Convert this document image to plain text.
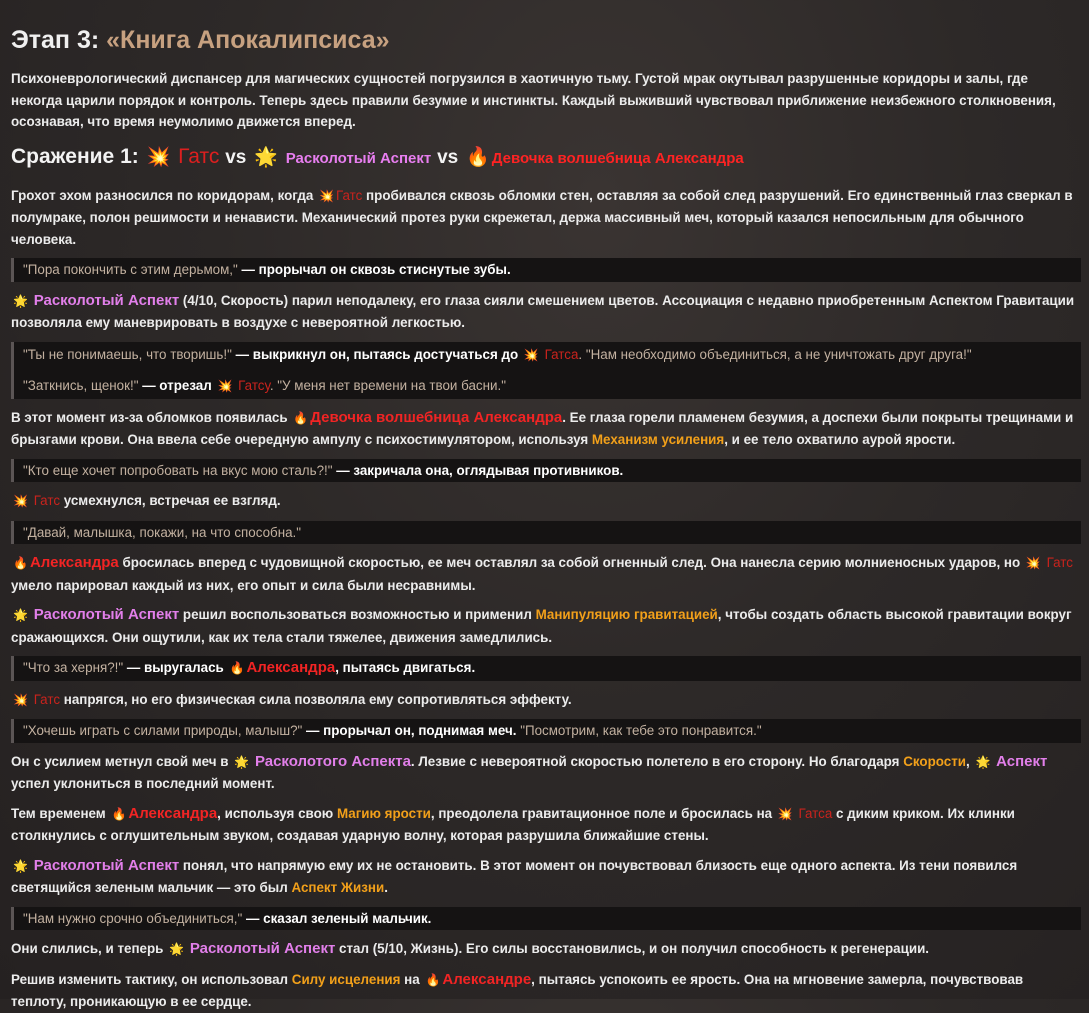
Этап 3: «Книга Апокалипсиса»

Психоневрологический диспансер для магических сущностей погрузился в хаотичную тьму. Густой мрак окутывал разрушенные коридоры и залы, где некогда царили порядок и контроль. Теперь здесь правили безумие и инстинкты. Каждый выживший чувствовал приближение неизбежного столкновения, осознавая, что время неумолимо движется вперед.

Сражение 1: 💥 Гатс vs 🌟 Расколотый Аспект vs 🔥 Девочка волшебница Александра

Грохот эхом разносился по коридорам, когда 💥 Гатс пробивался сквозь обломки стен, оставляя за собой след разрушений. Его единственный глаз сверкал в полумраке, полон решимости и ненависти. Механический протез руки скрежетал, держа массивный меч, который казался непосильным для обычного человека.

"Пора покончить с этим дерьмом," — прорычал он сквозь стиснутые зубы.

🌟 Расколотый Аспект (4/10, Скорость) парил неподалеку, его глаза сияли смешением цветов. Ассоциация с недавно приобретенным Аспектом Гравитации позволяла ему маневрировать в воздухе с невероятной легкостью.

"Ты не понимаешь, что творишь!" — выкрикнул он, пытаясь достучаться до 💥 Гатса. "Нам необходимо объединиться, а не уничтожать друг друга!"
"Заткнись, щенок!" — отрезал 💥 Гатсу. "У меня нет времени на твои басни."

В этот момент из-за обломков появилась 🔥 Девочка волшебница Александра. Ее глаза горели пламенем безумия, а доспехи были покрыты трещинами и брызгами крови. Она ввела себе очередную ампулу с психостимулятором, используя Механизм усиления, и ее тело охватило аурой ярости.

"Кто еще хочет попробовать на вкус мою сталь?!" — закричала она, оглядывая противников.

💥 Гатс усмехнулся, встречая ее взгляд.

"Давай, малышка, покажи, на что способна."

🔥 Александра бросилась вперед с чудовищной скоростью, ее меч оставлял за собой огненный след. Она нанесла серию молниеносных ударов, но 💥 Гатс умело парировал каждый из них, его опыт и сила были несравнимы.

🌟 Расколотый Аспект решил воспользоваться возможностью и применил Манипуляцию гравитацией, чтобы создать область высокой гравитации вокруг сражающихся. Они ощутили, как их тела стали тяжелее, движения замедлились.

"Что за херня?!" — выругалась 🔥 Александра, пытаясь двигаться.

💥 Гатс напрягся, но его физическая сила позволяла ему сопротивляться эффекту.

"Хочешь играть с силами природы, малыш?" — прорычал он, поднимая меч. "Посмотрим, как тебе это понравится."

Он с усилием метнул свой меч в 🌟 Расколотого Аспекта. Лезвие с невероятной скоростью полетело в его сторону. Но благодаря Скорости, 🌟 Аспект успел уклониться в последний момент.

Тем временем 🔥 Александра, используя свою Магию ярости, преодолела гравитационное поле и бросилась на 💥 Гатса с диким криком. Их клинки столкнулись с оглушительным звуком, создавая ударную волну, которая разрушила ближайшие стены.

🌟 Расколотый Аспект понял, что напрямую ему их не остановить. В этот момент он почувствовал близость еще одного аспекта. Из тени появился светящийся зеленым мальчик — это был Аспект Жизни.

"Нам нужно срочно объединиться," — сказал зеленый мальчик.

Они слились, и теперь 🌟 Расколотый Аспект стал (5/10, Жизнь). Его силы восстановились, и он получил способность к регенерации.

Решив изменить тактику, он использовал Силу исцеления на 🔥 Александре, пытаясь успокоить ее ярость. Она на мгновение замерла, почувствовав теплоту, проникающую в ее сердце.
